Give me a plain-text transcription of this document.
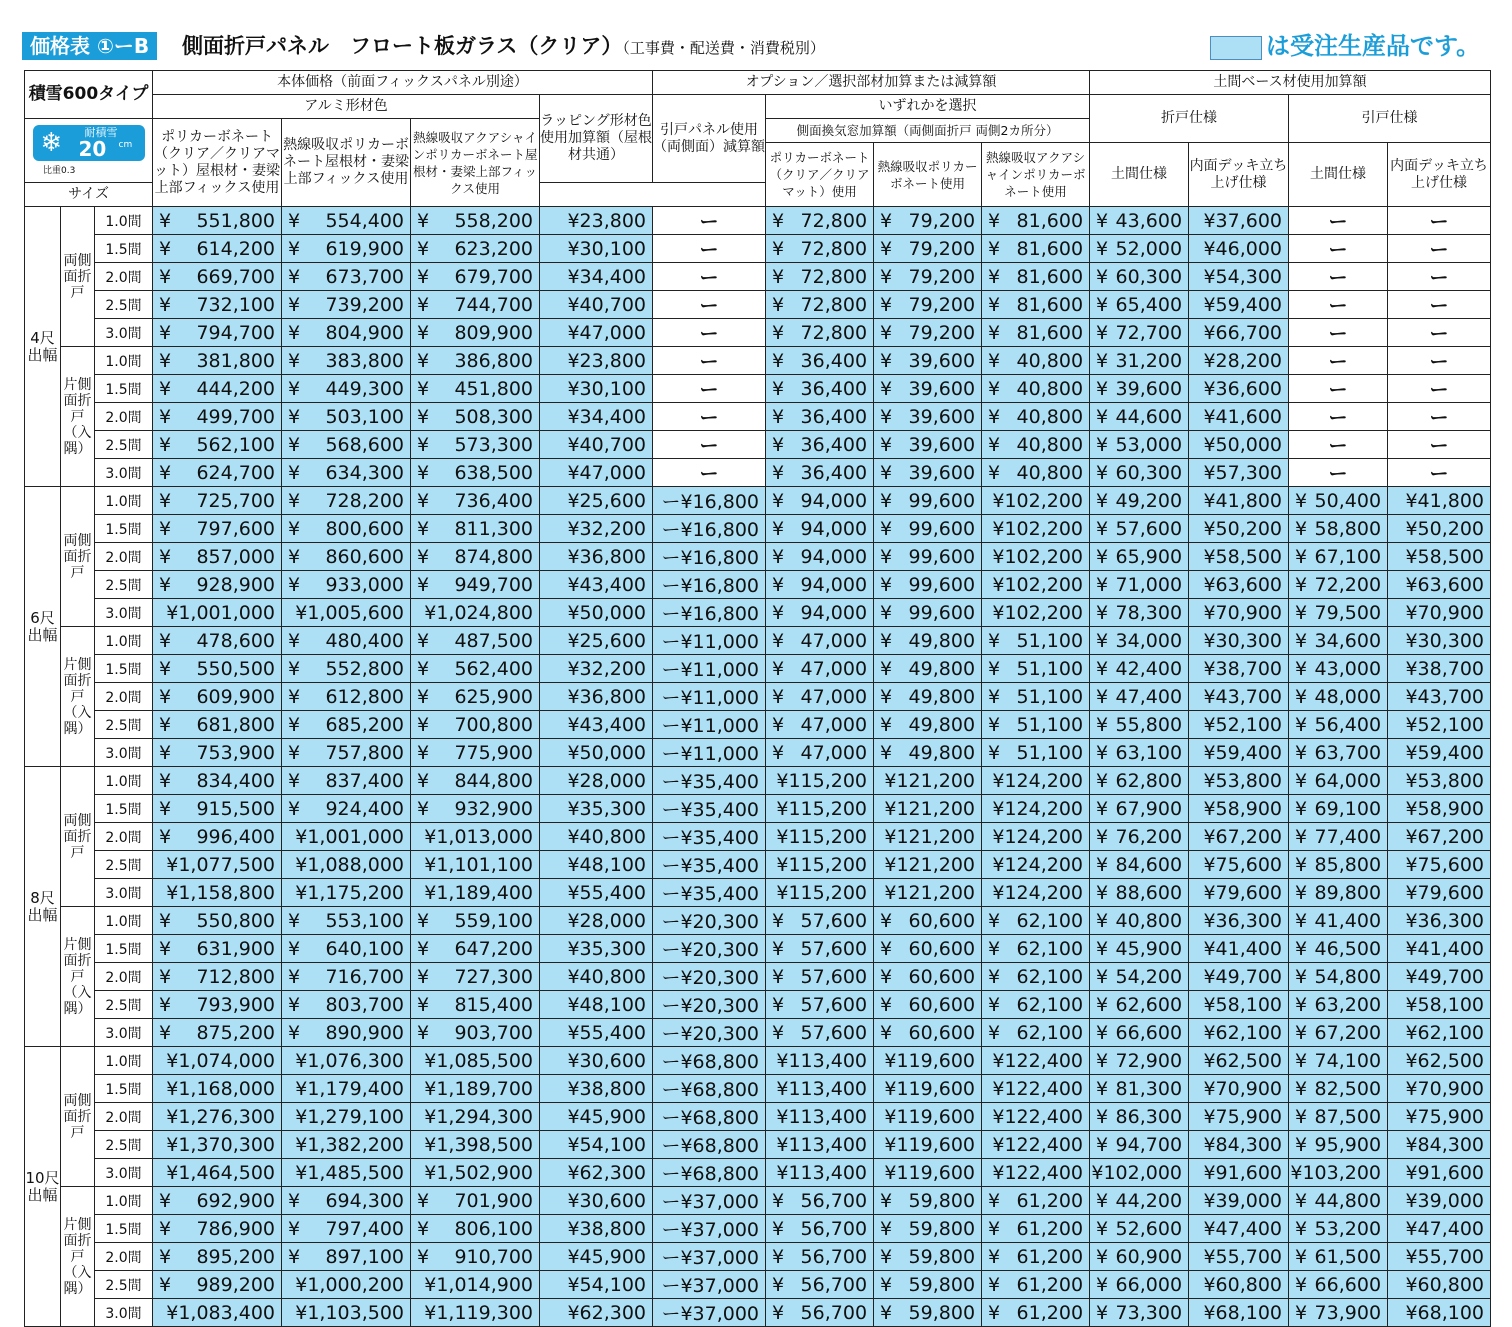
価格表 ①ーB	側面折戸パネル　フロート板ガラス（クリア）（工事費・配送費・消費税別）	は受注生産品です。
積雪600タイプ			本体価格（前面フィックスパネル別途）				オプション／選択部材加算または減算額				土間ベース材使用加算額			
			アルミ形材色			ラッピング形材色使用加算額（屋根材共通）	引戸パネル使用（両側面）減算額	いずれかを選択			折戸仕様		引戸仕様	

❄ 耐積雪
20 cm
比重0.3			ポリカーボネート（クリア／クリアマット）屋根材・妻梁上部フィックス使用	熱線吸収ポリカーボネート屋根材・妻梁上部フィックス使用	熱線吸収アクアシャインポリカーボネート屋根材・妻梁上部フィックス使用			側面換気窓加算額（両側面折戸 両側2カ所分）						
								ポリカーボネート（クリア／クリアマット）使用	熱線吸収ポリカーボネート使用	熱線吸収アクアシャインポリカーボネート使用	土間仕様	内面デッキ立ち上げ仕様	土間仕様	内面デッキ立ち上げ仕様
サイズ														
4尺出幅	両側面折戸	1.0間	¥ 551,800	¥ 554,400	¥ 558,200	¥23,800	ー	¥ 72,800	¥ 79,200	¥ 81,600	¥ 43,600	¥37,600	ー	ー
		1.5間	¥ 614,200	¥ 619,900	¥ 623,200	¥30,100	ー	¥ 72,800	¥ 79,200	¥ 81,600	¥ 52,000	¥46,000	ー	ー
		2.0間	¥ 669,700	¥ 673,700	¥ 679,700	¥34,400	ー	¥ 72,800	¥ 79,200	¥ 81,600	¥ 60,300	¥54,300	ー	ー
		2.5間	¥ 732,100	¥ 739,200	¥ 744,700	¥40,700	ー	¥ 72,800	¥ 79,200	¥ 81,600	¥ 65,400	¥59,400	ー	ー
		3.0間	¥ 794,700	¥ 804,900	¥ 809,900	¥47,000	ー	¥ 72,800	¥ 79,200	¥ 81,600	¥ 72,700	¥66,700	ー	ー
	片側面折戸（入隅）	1.0間	¥ 381,800	¥ 383,800	¥ 386,800	¥23,800	ー	¥ 36,400	¥ 39,600	¥ 40,800	¥ 31,200	¥28,200	ー	ー
		1.5間	¥ 444,200	¥ 449,300	¥ 451,800	¥30,100	ー	¥ 36,400	¥ 39,600	¥ 40,800	¥ 39,600	¥36,600	ー	ー
		2.0間	¥ 499,700	¥ 503,100	¥ 508,300	¥34,400	ー	¥ 36,400	¥ 39,600	¥ 40,800	¥ 44,600	¥41,600	ー	ー
		2.5間	¥ 562,100	¥ 568,600	¥ 573,300	¥40,700	ー	¥ 36,400	¥ 39,600	¥ 40,800	¥ 53,000	¥50,000	ー	ー
		3.0間	¥ 624,700	¥ 634,300	¥ 638,500	¥47,000	ー	¥ 36,400	¥ 39,600	¥ 40,800	¥ 60,300	¥57,300	ー	ー
6尺出幅	両側面折戸	1.0間	¥ 725,700	¥ 728,200	¥ 736,400	¥25,600	ー¥16,800	¥ 94,000	¥ 99,600	¥102,200	¥ 49,200	¥41,800	¥ 50,400	¥41,800
		1.5間	¥ 797,600	¥ 800,600	¥ 811,300	¥32,200	ー¥16,800	¥ 94,000	¥ 99,600	¥102,200	¥ 57,600	¥50,200	¥ 58,800	¥50,200
		2.0間	¥ 857,000	¥ 860,600	¥ 874,800	¥36,800	ー¥16,800	¥ 94,000	¥ 99,600	¥102,200	¥ 65,900	¥58,500	¥ 67,100	¥58,500
		2.5間	¥ 928,900	¥ 933,000	¥ 949,700	¥43,400	ー¥16,800	¥ 94,000	¥ 99,600	¥102,200	¥ 71,000	¥63,600	¥ 72,200	¥63,600
		3.0間	¥1,001,000	¥1,005,600	¥1,024,800	¥50,000	ー¥16,800	¥ 94,000	¥ 99,600	¥102,200	¥ 78,300	¥70,900	¥ 79,500	¥70,900
	片側面折戸（入隅）	1.0間	¥ 478,600	¥ 480,400	¥ 487,500	¥25,600	ー¥11,000	¥ 47,000	¥ 49,800	¥ 51,100	¥ 34,000	¥30,300	¥ 34,600	¥30,300
		1.5間	¥ 550,500	¥ 552,800	¥ 562,400	¥32,200	ー¥11,000	¥ 47,000	¥ 49,800	¥ 51,100	¥ 42,400	¥38,700	¥ 43,000	¥38,700
		2.0間	¥ 609,900	¥ 612,800	¥ 625,900	¥36,800	ー¥11,000	¥ 47,000	¥ 49,800	¥ 51,100	¥ 47,400	¥43,700	¥ 48,000	¥43,700
		2.5間	¥ 681,800	¥ 685,200	¥ 700,800	¥43,400	ー¥11,000	¥ 47,000	¥ 49,800	¥ 51,100	¥ 55,800	¥52,100	¥ 56,400	¥52,100
		3.0間	¥ 753,900	¥ 757,800	¥ 775,900	¥50,000	ー¥11,000	¥ 47,000	¥ 49,800	¥ 51,100	¥ 63,100	¥59,400	¥ 63,700	¥59,400
8尺出幅	両側面折戸	1.0間	¥ 834,400	¥ 837,400	¥ 844,800	¥28,000	ー¥35,400	¥115,200	¥121,200	¥124,200	¥ 62,800	¥53,800	¥ 64,000	¥53,800
		1.5間	¥ 915,500	¥ 924,400	¥ 932,900	¥35,300	ー¥35,400	¥115,200	¥121,200	¥124,200	¥ 67,900	¥58,900	¥ 69,100	¥58,900
		2.0間	¥ 996,400	¥1,001,000	¥1,013,000	¥40,800	ー¥35,400	¥115,200	¥121,200	¥124,200	¥ 76,200	¥67,200	¥ 77,400	¥67,200
		2.5間	¥1,077,500	¥1,088,000	¥1,101,100	¥48,100	ー¥35,400	¥115,200	¥121,200	¥124,200	¥ 84,600	¥75,600	¥ 85,800	¥75,600
		3.0間	¥1,158,800	¥1,175,200	¥1,189,400	¥55,400	ー¥35,400	¥115,200	¥121,200	¥124,200	¥ 88,600	¥79,600	¥ 89,800	¥79,600
	片側面折戸（入隅）	1.0間	¥ 550,800	¥ 553,100	¥ 559,100	¥28,000	ー¥20,300	¥ 57,600	¥ 60,600	¥ 62,100	¥ 40,800	¥36,300	¥ 41,400	¥36,300
		1.5間	¥ 631,900	¥ 640,100	¥ 647,200	¥35,300	ー¥20,300	¥ 57,600	¥ 60,600	¥ 62,100	¥ 45,900	¥41,400	¥ 46,500	¥41,400
		2.0間	¥ 712,800	¥ 716,700	¥ 727,300	¥40,800	ー¥20,300	¥ 57,600	¥ 60,600	¥ 62,100	¥ 54,200	¥49,700	¥ 54,800	¥49,700
		2.5間	¥ 793,900	¥ 803,700	¥ 815,400	¥48,100	ー¥20,300	¥ 57,600	¥ 60,600	¥ 62,100	¥ 62,600	¥58,100	¥ 63,200	¥58,100
		3.0間	¥ 875,200	¥ 890,900	¥ 903,700	¥55,400	ー¥20,300	¥ 57,600	¥ 60,600	¥ 62,100	¥ 66,600	¥62,100	¥ 67,200	¥62,100
10尺出幅	両側面折戸	1.0間	¥1,074,000	¥1,076,300	¥1,085,500	¥30,600	ー¥68,800	¥113,400	¥119,600	¥122,400	¥ 72,900	¥62,500	¥ 74,100	¥62,500
		1.5間	¥1,168,000	¥1,179,400	¥1,189,700	¥38,800	ー¥68,800	¥113,400	¥119,600	¥122,400	¥ 81,300	¥70,900	¥ 82,500	¥70,900
		2.0間	¥1,276,300	¥1,279,100	¥1,294,300	¥45,900	ー¥68,800	¥113,400	¥119,600	¥122,400	¥ 86,300	¥75,900	¥ 87,500	¥75,900
		2.5間	¥1,370,300	¥1,382,200	¥1,398,500	¥54,100	ー¥68,800	¥113,400	¥119,600	¥122,400	¥ 94,700	¥84,300	¥ 95,900	¥84,300
		3.0間	¥1,464,500	¥1,485,500	¥1,502,900	¥62,300	ー¥68,800	¥113,400	¥119,600	¥122,400	¥102,000	¥91,600	¥103,200	¥91,600
	片側面折戸（入隅）	1.0間	¥ 692,900	¥ 694,300	¥ 701,900	¥30,600	ー¥37,000	¥ 56,700	¥ 59,800	¥ 61,200	¥ 44,200	¥39,000	¥ 44,800	¥39,000
		1.5間	¥ 786,900	¥ 797,400	¥ 806,100	¥38,800	ー¥37,000	¥ 56,700	¥ 59,800	¥ 61,200	¥ 52,600	¥47,400	¥ 53,200	¥47,400
		2.0間	¥ 895,200	¥ 897,100	¥ 910,700	¥45,900	ー¥37,000	¥ 56,700	¥ 59,800	¥ 61,200	¥ 60,900	¥55,700	¥ 61,500	¥55,700
		2.5間	¥ 989,200	¥1,000,200	¥1,014,900	¥54,100	ー¥37,000	¥ 56,700	¥ 59,800	¥ 61,200	¥ 66,000	¥60,800	¥ 66,600	¥60,800
		3.0間	¥1,083,400	¥1,103,500	¥1,119,300	¥62,300	ー¥37,000	¥ 56,700	¥ 59,800	¥ 61,200	¥ 73,300	¥68,100	¥ 73,900	¥68,100
